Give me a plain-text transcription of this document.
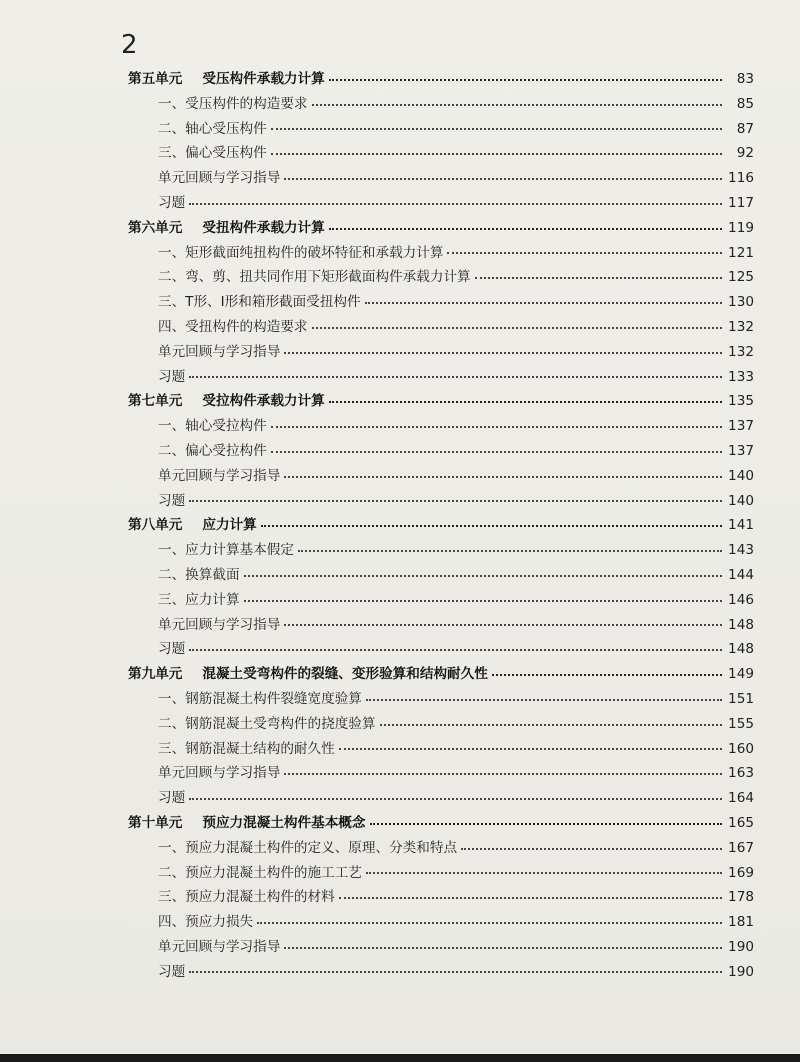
2
第五单元 受压构件承载力计算	83
一、受压构件的构造要求	85
二、轴心受压构件	87
三、偏心受压构件	92
单元回顾与学习指导	116
习题	117
第六单元 受扭构件承载力计算	119
一、矩形截面纯扭构件的破坏特征和承载力计算	121
二、弯、剪、扭共同作用下矩形截面构件承载力计算	125
三、T形、I形和箱形截面受扭构件	130
四、受扭构件的构造要求	132
单元回顾与学习指导	132
习题	133
第七单元 受拉构件承载力计算	135
一、轴心受拉构件	137
二、偏心受拉构件	137
单元回顾与学习指导	140
习题	140
第八单元 应力计算	141
一、应力计算基本假定	143
二、换算截面	144
三、应力计算	146
单元回顾与学习指导	148
习题	148
第九单元 混凝土受弯构件的裂缝、变形验算和结构耐久性	149
一、钢筋混凝土构件裂缝宽度验算	151
二、钢筋混凝土受弯构件的挠度验算	155
三、钢筋混凝土结构的耐久性	160
单元回顾与学习指导	163
习题	164
第十单元 预应力混凝土构件基本概念	165
一、预应力混凝土构件的定义、原理、分类和特点	167
二、预应力混凝土构件的施工工艺	169
三、预应力混凝土构件的材料	178
四、预应力损失	181
单元回顾与学习指导	190
习题	190
